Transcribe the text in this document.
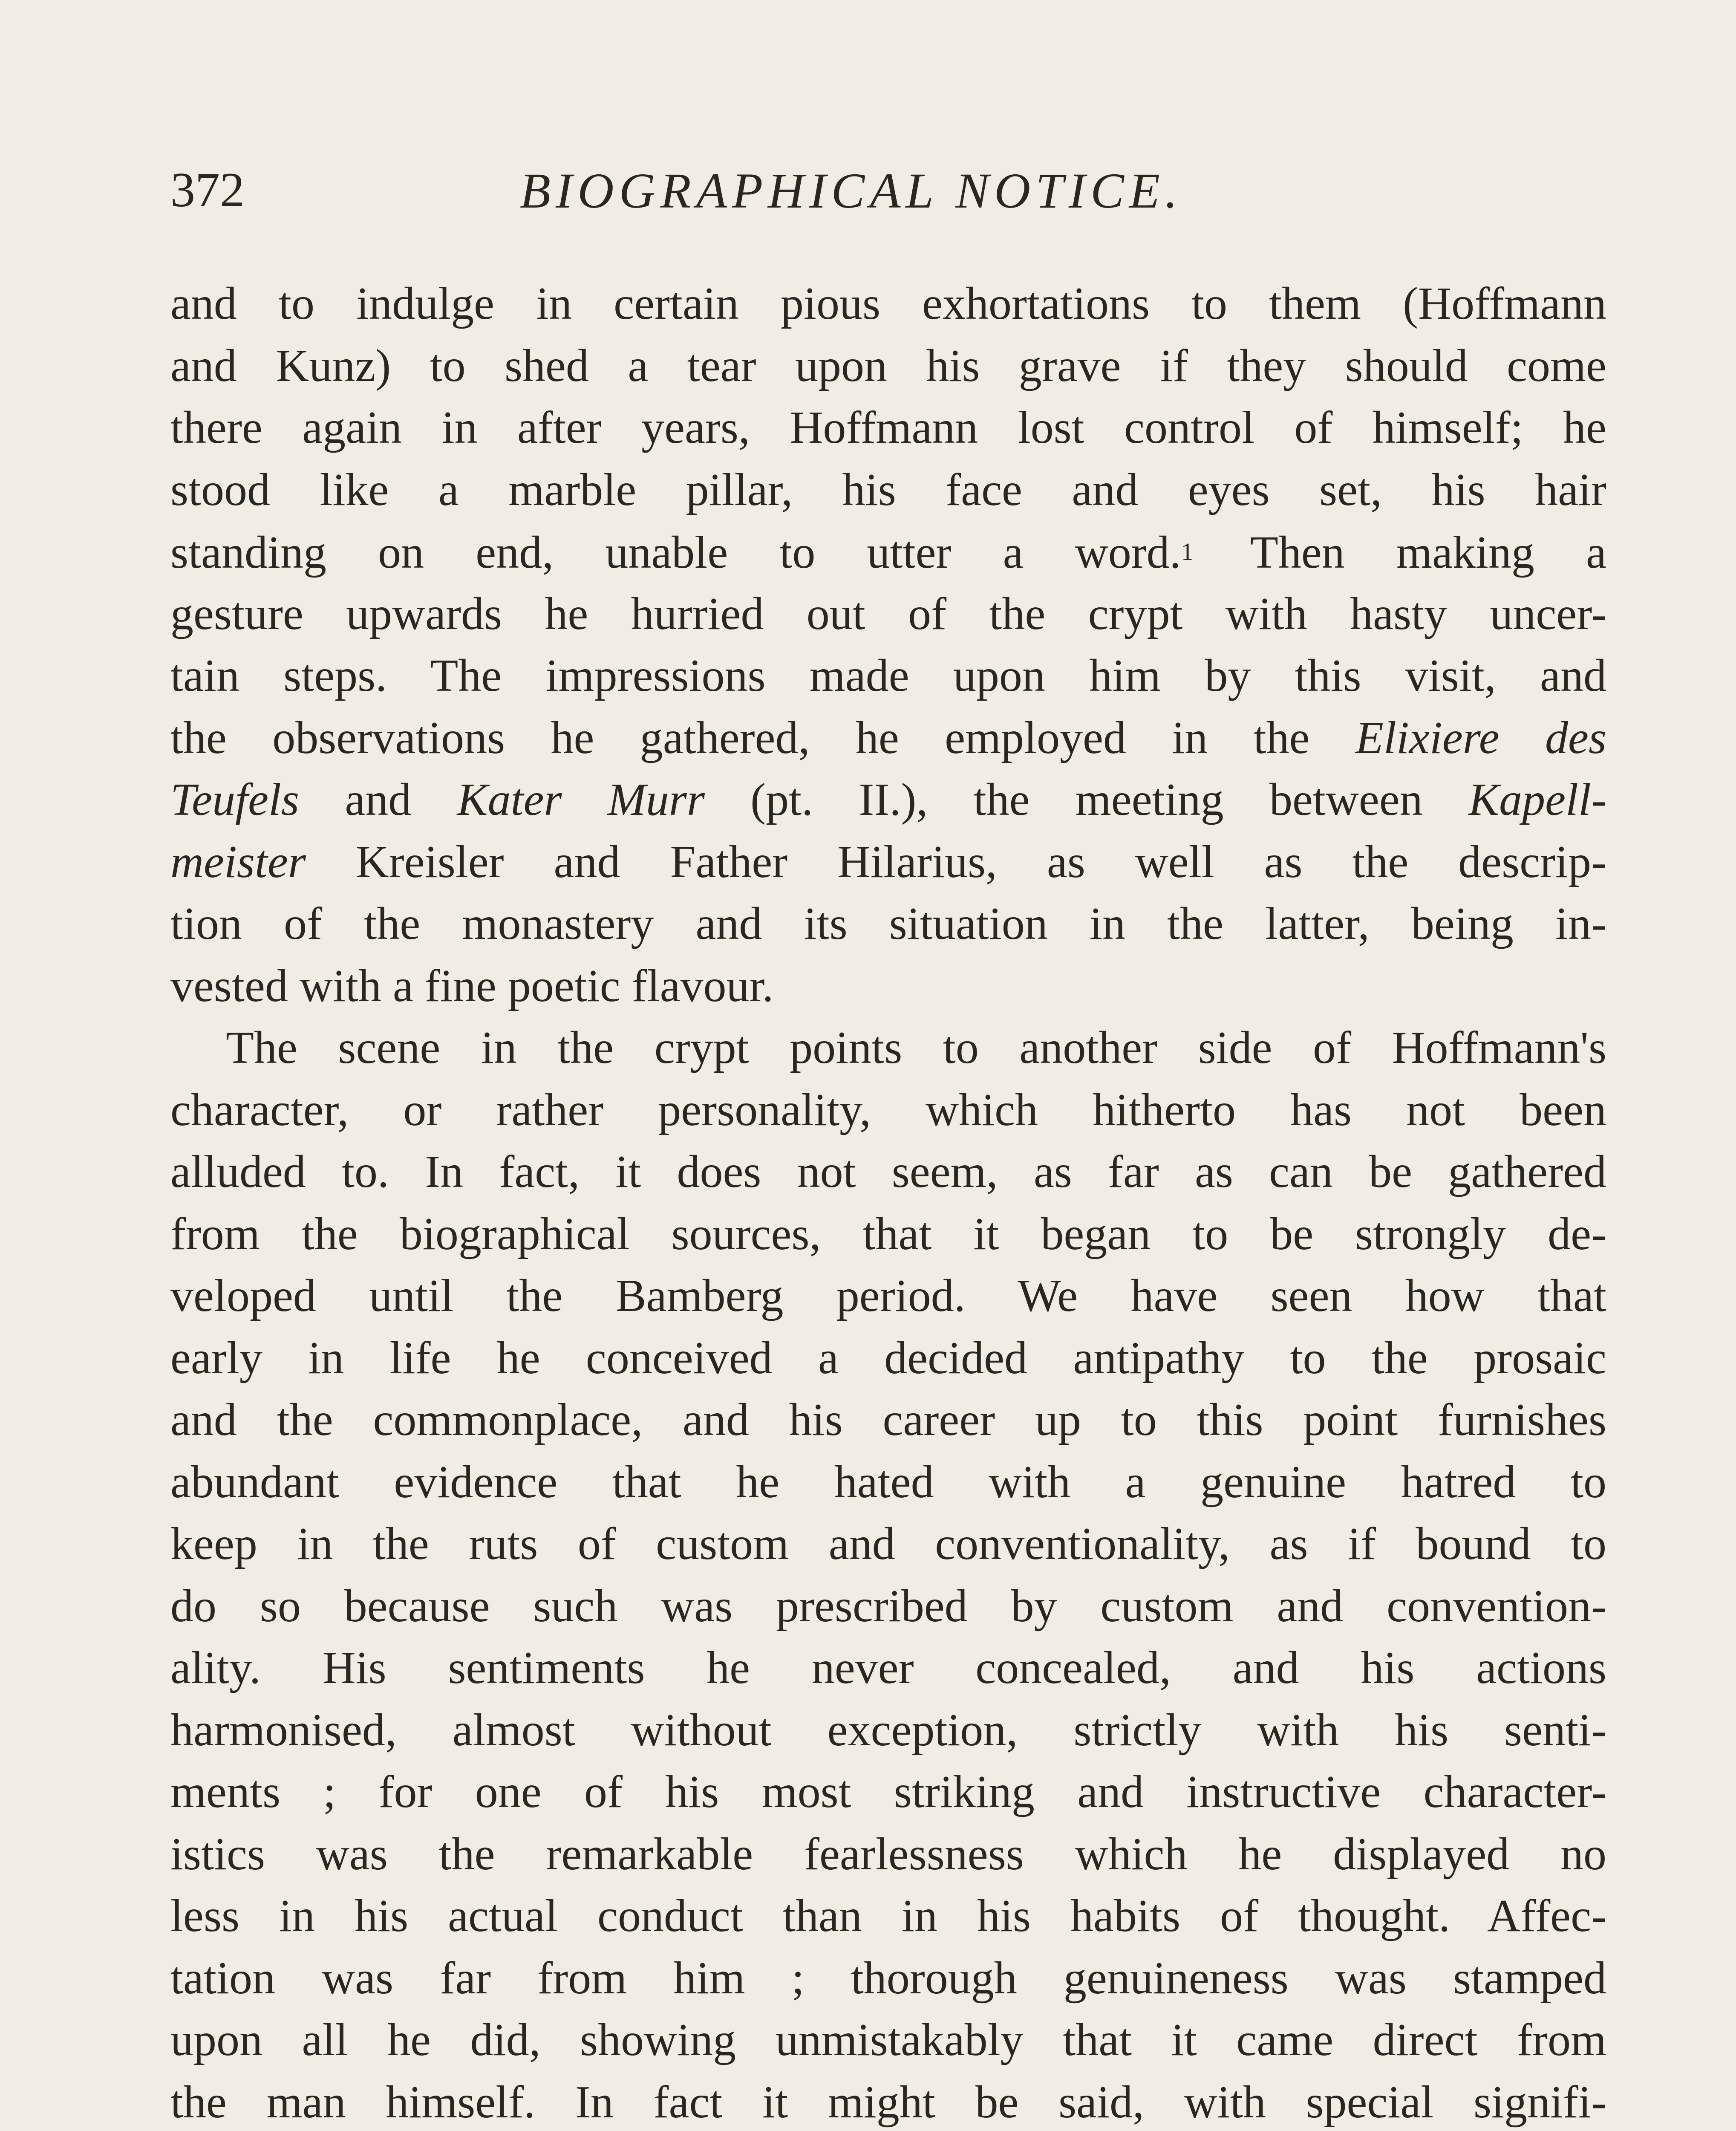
372	BIOGRAPHICAL NOTICE.
and to indulge in certain pious exhortations to them (Hoffmann
and Kunz) to shed a tear upon his grave if they should come
there again in after years, Hoffmann lost control of himself; he
stood like a marble pillar, his face and eyes set, his hair
standing on end, unable to utter a word.$^1$ Then making a
gesture upwards he hurried out of the crypt with hasty uncer-
tain steps. The impressions made upon him by this visit, and
the observations he gathered, he employed in the Elixiere des
Teufels and Kater Murr (pt. II.), the meeting between Kapell-
meister Kreisler and Father Hilarius, as well as the descrip-
tion of the monastery and its situation in the latter, being in-
vested with a fine poetic flavour.
The scene in the crypt points to another side of Hoffmann's
character, or rather personality, which hitherto has not been
alluded to. In fact, it does not seem, as far as can be gathered
from the biographical sources, that it began to be strongly de-
veloped until the Bamberg period. We have seen how that
early in life he conceived a decided antipathy to the prosaic
and the commonplace, and his career up to this point furnishes
abundant evidence that he hated with a genuine hatred to
keep in the ruts of custom and conventionality, as if bound to
do so because such was prescribed by custom and convention-
ality. His sentiments he never concealed, and his actions
harmonised, almost without exception, strictly with his senti-
ments ; for one of his most striking and instructive character-
istics was the remarkable fearlessness which he displayed no
less in his actual conduct than in his habits of thought. Affec-
tation was far from him ; thorough genuineness was stamped
upon all he did, showing unmistakably that it came direct from
the man himself. In fact it might be said, with special signifi-
